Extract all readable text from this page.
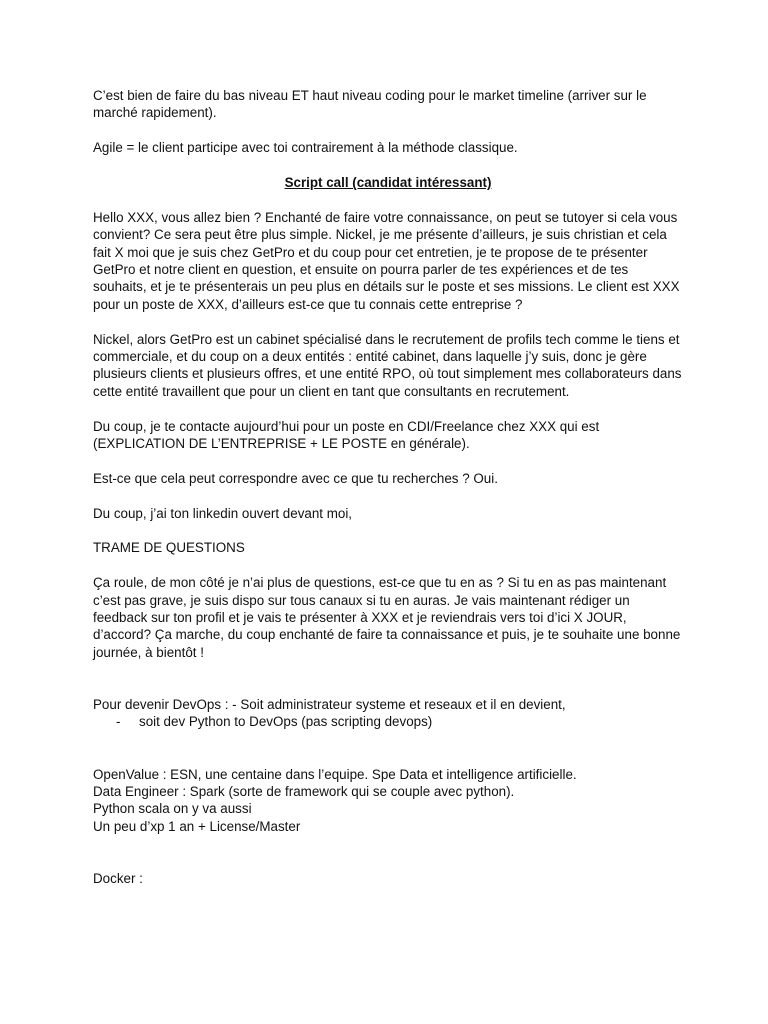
C’est bien de faire du bas niveau ET haut niveau coding pour le market timeline (arriver sur le marché rapidement).

Agile = le client participe avec toi contrairement à la méthode classique.

Script call (candidat intéressant)

Hello XXX, vous allez bien ? Enchanté de faire votre connaissance, on peut se tutoyer si cela vous convient? Ce sera peut être plus simple. Nickel, je me présente d’ailleurs, je suis christian et cela fait X moi que je suis chez GetPro et du coup pour cet entretien, je te propose de te présenter GetPro et notre client en question, et ensuite on pourra parler de tes expériences et de tes souhaits, et je te présenterais un peu plus en détails sur le poste et ses missions. Le client est XXX pour un poste de XXX, d’ailleurs est-ce que tu connais cette entreprise ?

Nickel, alors GetPro est un cabinet spécialisé dans le recrutement de profils tech comme le tiens et commerciale, et du coup on a deux entités : entité cabinet, dans laquelle j’y suis, donc je gère plusieurs clients et plusieurs offres, et une entité RPO, où tout simplement mes collaborateurs dans cette entité travaillent que pour un client en tant que consultants en recrutement.

Du coup, je te contacte aujourd’hui pour un poste en CDI/Freelance chez XXX qui est (EXPLICATION DE L’ENTREPRISE + LE POSTE en générale).

Est-ce que cela peut correspondre avec ce que tu recherches ? Oui.

Du coup, j’ai ton linkedin ouvert devant moi,

TRAME DE QUESTIONS

Ça roule, de mon côté je n’ai plus de questions, est-ce que tu en as ? Si tu en as pas maintenant c’est pas grave, je suis dispo sur tous canaux si tu en auras. Je vais maintenant rédiger un feedback sur ton profil et je vais te présenter à XXX et je reviendrais vers toi d’ici X JOUR, d’accord? Ça marche, du coup enchanté de faire ta connaissance et puis, je te souhaite une bonne journée, à bientôt !

Pour devenir DevOps : - Soit administrateur systeme et reseaux et il en devient,

- soit dev Python to DevOps (pas scripting devops)

OpenValue : ESN, une centaine dans l’equipe. Spe Data et intelligence artificielle.

Data Engineer : Spark (sorte de framework qui se couple avec python).

Python scala on y va aussi

Un peu d’xp 1 an + License/Master

Docker :
